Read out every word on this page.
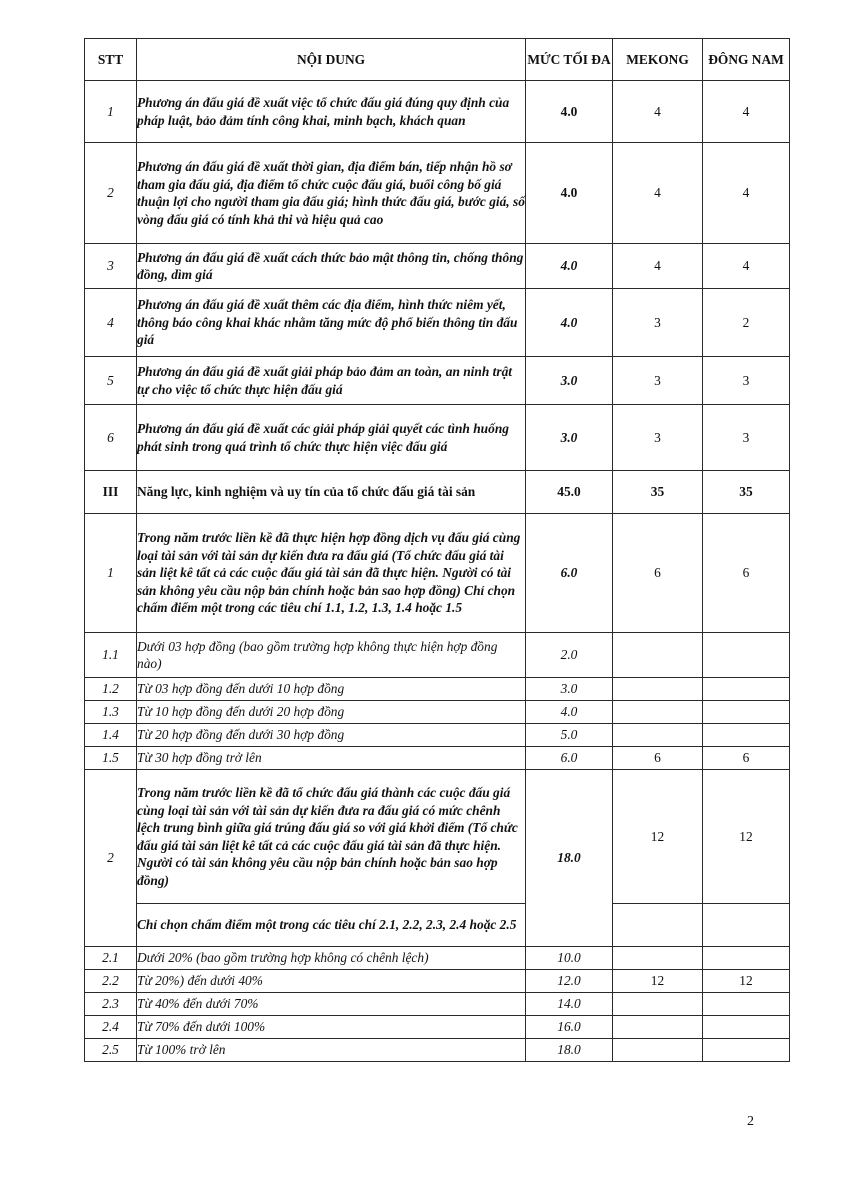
STT	NỘI DUNG	MỨC TỐI ĐA	MEKONG	ĐÔNG NAM
1	Phương án đấu giá đề xuất việc tổ chức đấu giá đúng quy định của pháp luật, bảo đảm tính công khai, minh bạch, khách quan	4.0	4	4
2	Phương án đấu giá đề xuất thời gian, địa điểm bán, tiếp nhận hồ sơ tham gia đấu giá, địa điểm tổ chức cuộc đấu giá, buổi công bố giá thuận lợi cho người tham gia đấu giá; hình thức đấu giá, bước giá, số vòng đấu giá có tính khả thi và hiệu quả cao	4.0	4	4
3	Phương án đấu giá đề xuất cách thức bảo mật thông tin, chống thông đồng, dìm giá	4.0	4	4
4	Phương án đấu giá đề xuất thêm các địa điểm, hình thức niêm yết, thông báo công khai khác nhằm tăng mức độ phổ biến thông tin đấu giá	4.0	3	2
5	Phương án đấu giá đề xuất giải pháp bảo đảm an toàn, an ninh trật tự cho việc tổ chức thực hiện đấu giá	3.0	3	3
6	Phương án đấu giá đề xuất các giải pháp giải quyết các tình huống phát sinh trong quá trình tổ chức thực hiện việc đấu giá	3.0	3	3
III	Năng lực, kinh nghiệm và uy tín của tổ chức đấu giá tài sản	45.0	35	35
1	Trong năm trước liền kề đã thực hiện hợp đồng dịch vụ đấu giá cùng loại tài sản với tài sản dự kiến đưa ra đấu giá (Tổ chức đấu giá tài sản liệt kê tất cả các cuộc đấu giá tài sản đã thực hiện. Người có tài sản không yêu cầu nộp bản chính hoặc bản sao hợp đồng) Chỉ chọn chấm điểm một trong các tiêu chí 1.1, 1.2, 1.3, 1.4 hoặc 1.5	6.0	6	6
1.1	Dưới 03 hợp đồng (bao gồm trường hợp không thực hiện hợp đồng nào)	2.0		
1.2	Từ 03 hợp đồng đến dưới 10 hợp đồng	3.0		
1.3	Từ 10 hợp đồng đến dưới 20 hợp đồng	4.0		
1.4	Từ 20 hợp đồng đến dưới 30 hợp đồng	5.0		
1.5	Từ 30 hợp đồng trở lên	6.0	6	6
2	Trong năm trước liền kề đã tổ chức đấu giá thành các cuộc đấu giá cùng loại tài sản với tài sản dự kiến đưa ra đấu giá có mức chênh lệch trung bình giữa giá trúng đấu giá so với giá khởi điểm (Tổ chức đấu giá tài sản liệt kê tất cả các cuộc đấu giá tài sản đã thực hiện. Người có tài sản không yêu cầu nộp bản chính hoặc bản sao hợp đồng)	18.0	12	12
	Chỉ chọn chấm điểm một trong các tiêu chí 2.1, 2.2, 2.3, 2.4 hoặc 2.5			
2.1	Dưới 20% (bao gồm trường hợp không có chênh lệch)	10.0		
2.2	Từ 20%) đến dưới 40%	12.0	12	12
2.3	Từ 40% đến dưới 70%	14.0		
2.4	Từ 70% đến dưới 100%	16.0		
2.5	Từ 100% trở lên	18.0		
2
